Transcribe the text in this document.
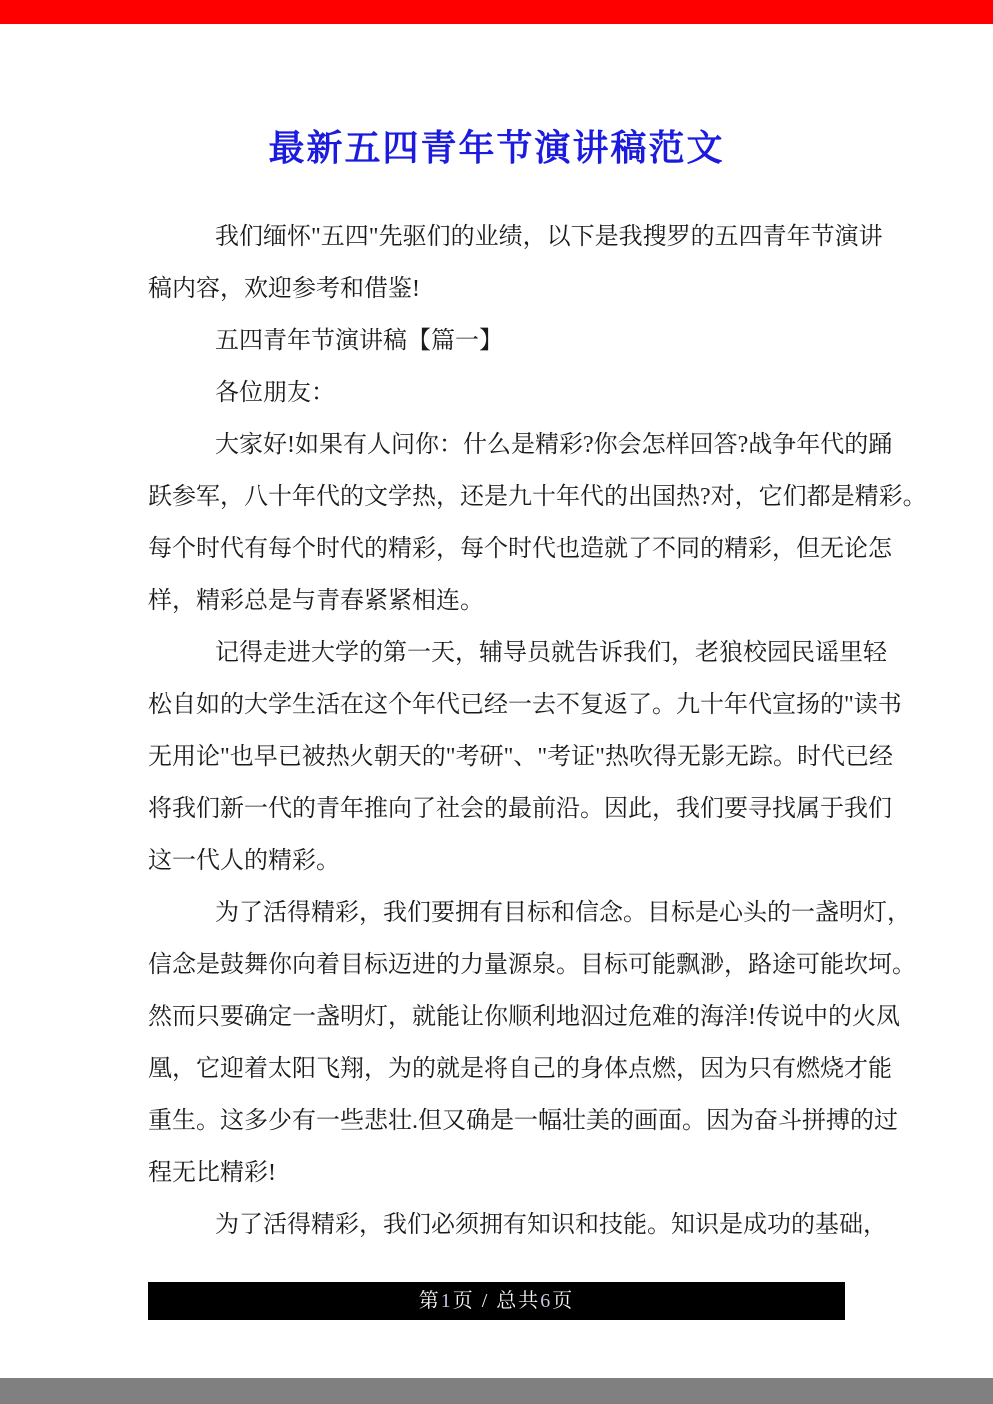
最新五四青年节演讲稿范文
我们缅怀"五四"先驱们的业绩，以下是我搜罗的五四青年节演讲
稿内容，欢迎参考和借鉴!
五四青年节演讲稿【篇一】
各位朋友：
大家好!如果有人问你：什么是精彩?你会怎样回答?战争年代的踊
跃参军，八十年代的文学热，还是九十年代的出国热?对，它们都是精彩。
每个时代有每个时代的精彩，每个时代也造就了不同的精彩，但无论怎
样，精彩总是与青春紧紧相连。
记得走进大学的第一天，辅导员就告诉我们，老狼校园民谣里轻
松自如的大学生活在这个年代已经一去不复返了。九十年代宣扬的"读书
无用论"也早已被热火朝天的"考研"、"考证"热吹得无影无踪。时代已经
将我们新一代的青年推向了社会的最前沿。因此，我们要寻找属于我们
这一代人的精彩。
为了活得精彩，我们要拥有目标和信念。目标是心头的一盏明灯，
信念是鼓舞你向着目标迈进的力量源泉。目标可能飘渺，路途可能坎坷。
然而只要确定一盏明灯，就能让你顺利地泅过危难的海洋!传说中的火凤
凰，它迎着太阳飞翔，为的就是将自己的身体点燃，因为只有燃烧才能
重生。这多少有一些悲壮.但又确是一幅壮美的画面。因为奋斗拼搏的过
程无比精彩!
为了活得精彩，我们必须拥有知识和技能。知识是成功的基础，
第1页 / 总共6页
